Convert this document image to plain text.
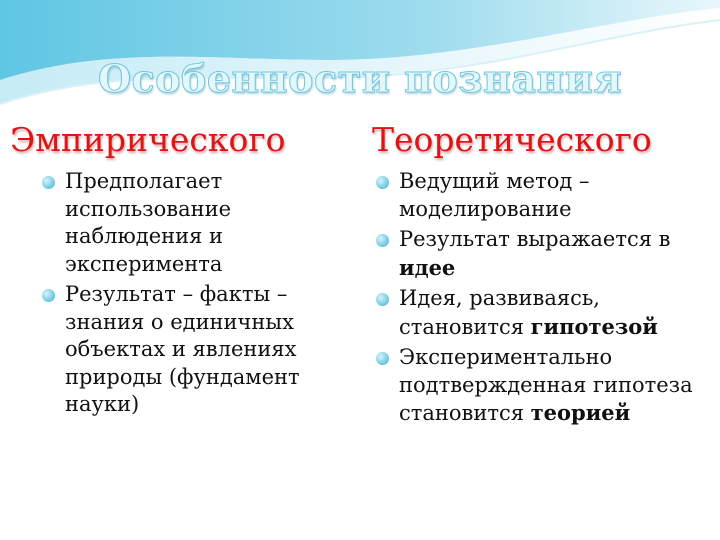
Особенности познания
Эмпирического	Теоретического
Предполагает использование наблюдения и эксперимента
Результат – факты – знания о единичных объектах и явлениях природы (фундамент науки)
Ведущий метод – моделирование
Результат выражается в идее
Идея, развиваясь, становится гипотезой
Экспериментально подтвержденная гипотеза становится теорией
